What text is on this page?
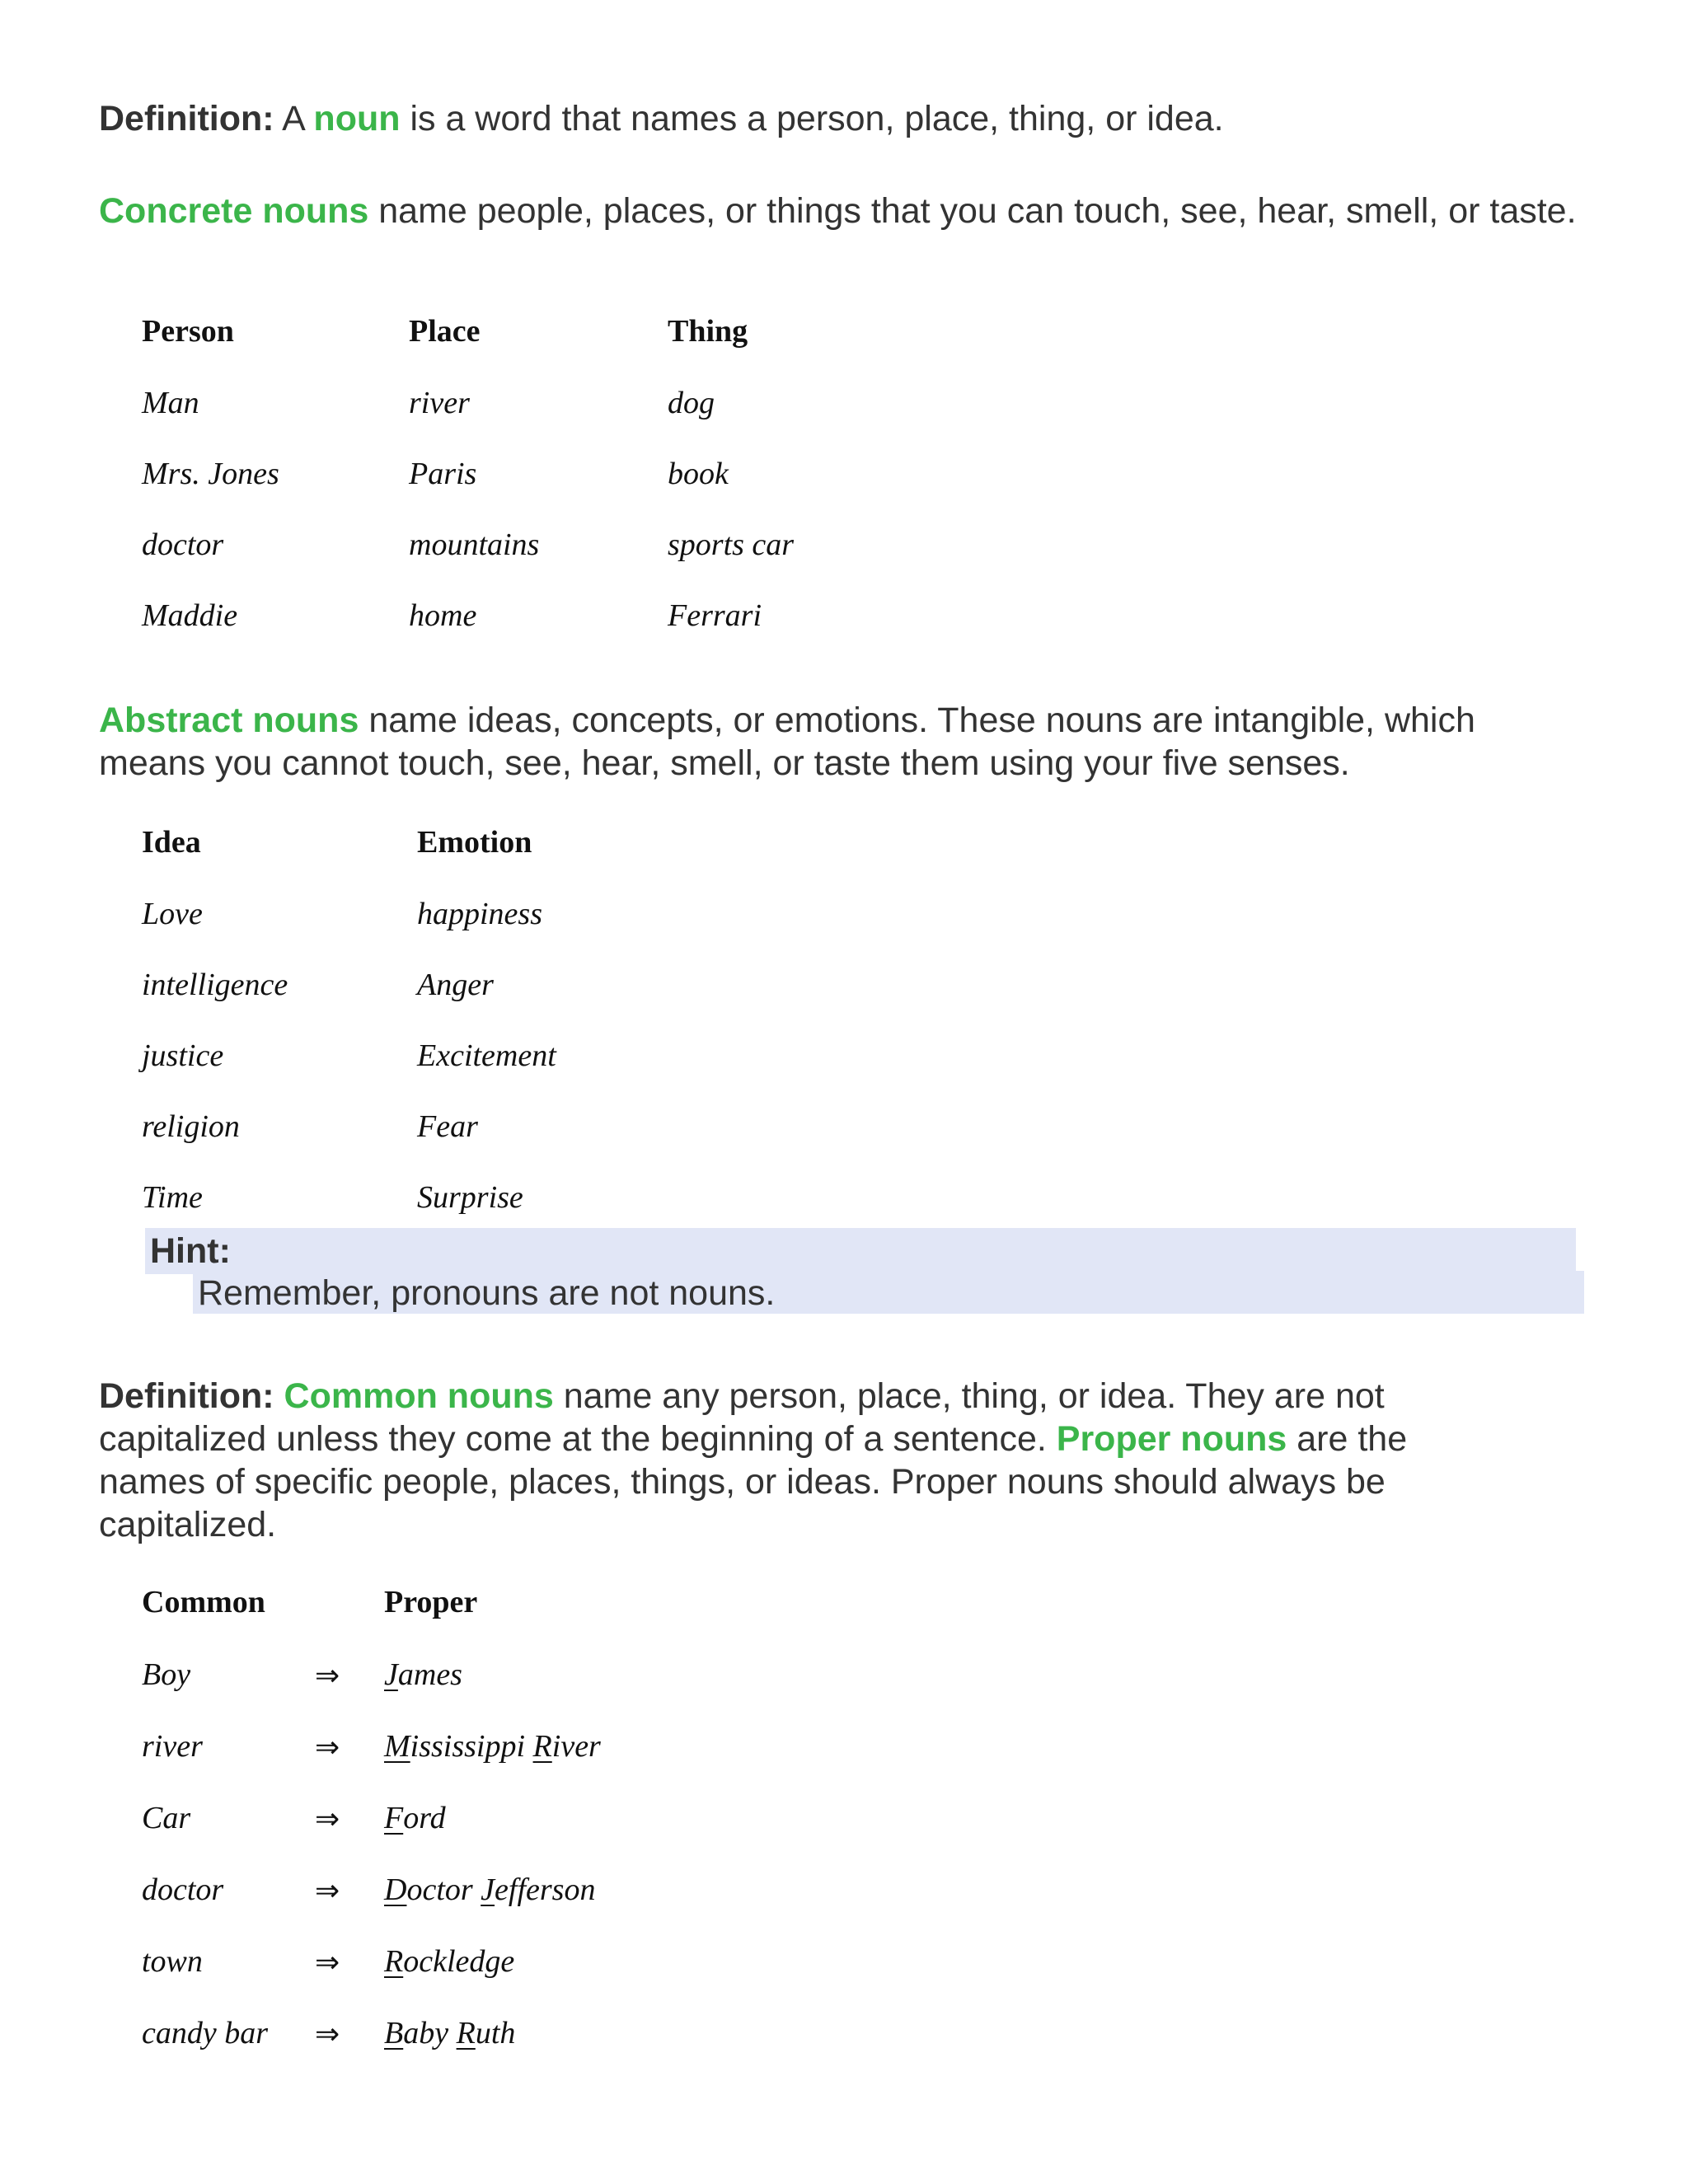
Definition: A noun is a word that names a person, place, thing, or idea.

Concrete nouns name people, places, or things that you can touch, see, hear, smell, or taste.

Person	Place	Thing
Man	river	dog
Mrs. Jones	Paris	book
doctor	mountains	sports car
Maddie	home	Ferrari

Abstract nouns name ideas, concepts, or emotions. These nouns are intangible, which means you cannot touch, see, hear, smell, or taste them using your five senses.

Idea	Emotion
Love	happiness
intelligence	Anger
justice	Excitement
religion	Fear
Time	Surprise
Hint:
Remember, pronouns are not nouns.

Definition: Common nouns name any person, place, thing, or idea. They are not capitalized unless they come at the beginning of a sentence. Proper nouns are the names of specific people, places, things, or ideas. Proper nouns should always be capitalized.

Common	Proper
Boy	⇒ James
river	⇒ Mississippi River
Car	⇒ Ford
doctor	⇒ Doctor Jefferson
town	⇒ Rockledge
candy bar ⇒ Baby Ruth
